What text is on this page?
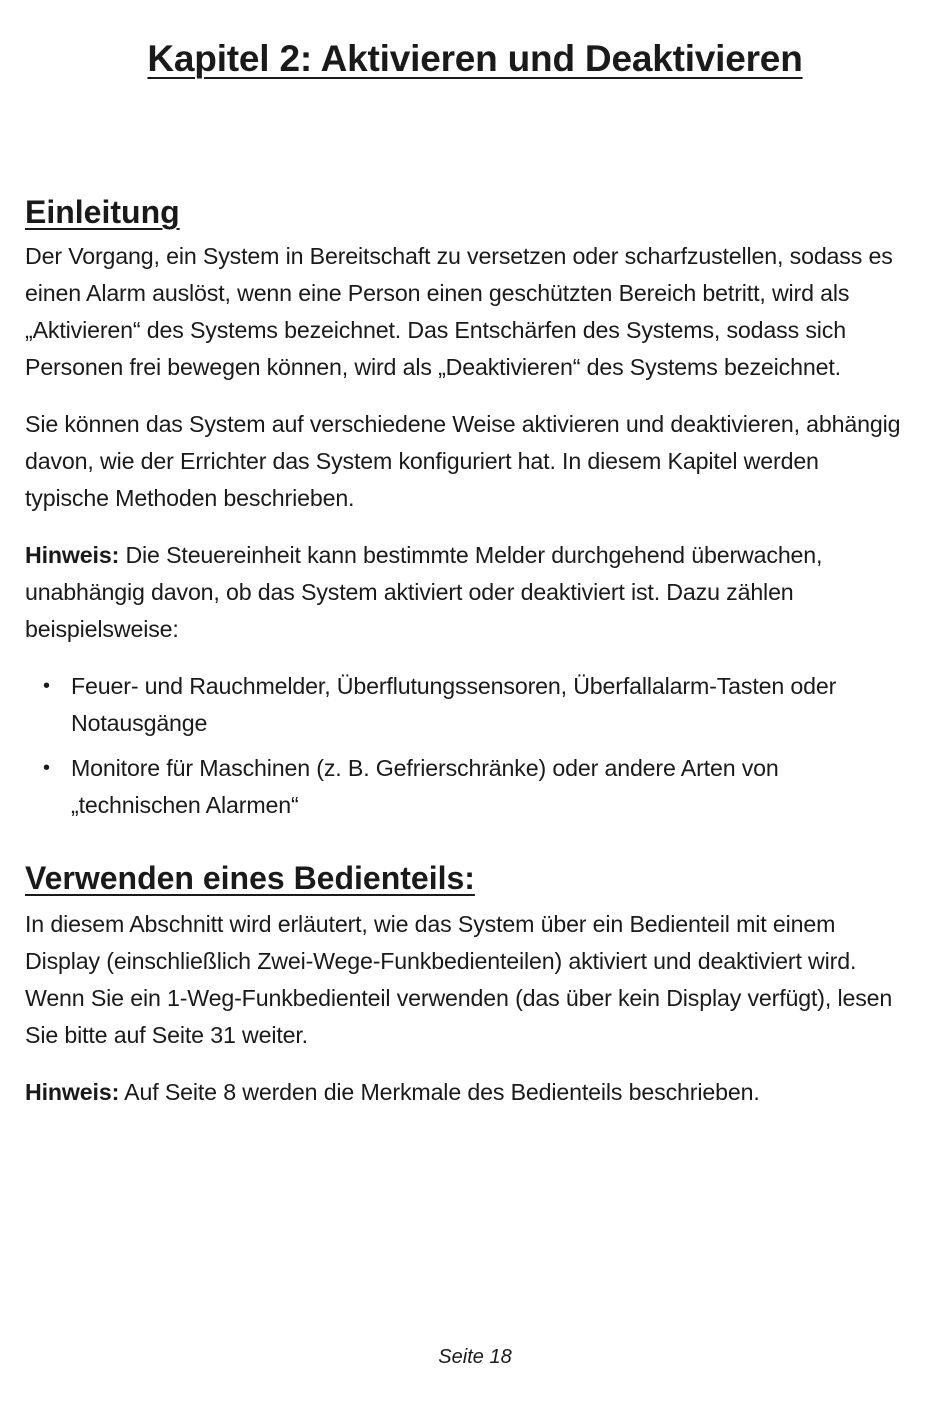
Kapitel 2: Aktivieren und Deaktivieren
Einleitung

Der Vorgang, ein System in Bereitschaft zu versetzen oder scharfzustellen, sodass es einen Alarm auslöst, wenn eine Person einen geschützten Bereich betritt, wird als „Aktivieren“ des Systems bezeichnet. Das Entschärfen des Systems, sodass sich Personen frei bewegen können, wird als „Deaktivieren“ des Systems bezeichnet.

Sie können das System auf verschiedene Weise aktivieren und deaktivieren, abhängig davon, wie der Errichter das System konfiguriert hat. In diesem Kapitel werden typische Methoden beschrieben.

Hinweis: Die Steuereinheit kann bestimmte Melder durchgehend überwachen, unabhängig davon, ob das System aktiviert oder deaktiviert ist. Dazu zählen beispielsweise:

• Feuer- und Rauchmelder, Überflutungssensoren, Überfallalarm-Tasten oder Notausgänge
• Monitore für Maschinen (z. B. Gefrierschränke) oder andere Arten von „technischen Alarmen“
Verwenden eines Bedienteils:

In diesem Abschnitt wird erläutert, wie das System über ein Bedienteil mit einem Display (einschließlich Zwei-Wege-Funkbedienteilen) aktiviert und deaktiviert wird. Wenn Sie ein 1-Weg-Funkbedienteil verwenden (das über kein Display verfügt), lesen Sie bitte auf Seite 31 weiter.

Hinweis: Auf Seite 8 werden die Merkmale des Bedienteils beschrieben.

Seite 18
